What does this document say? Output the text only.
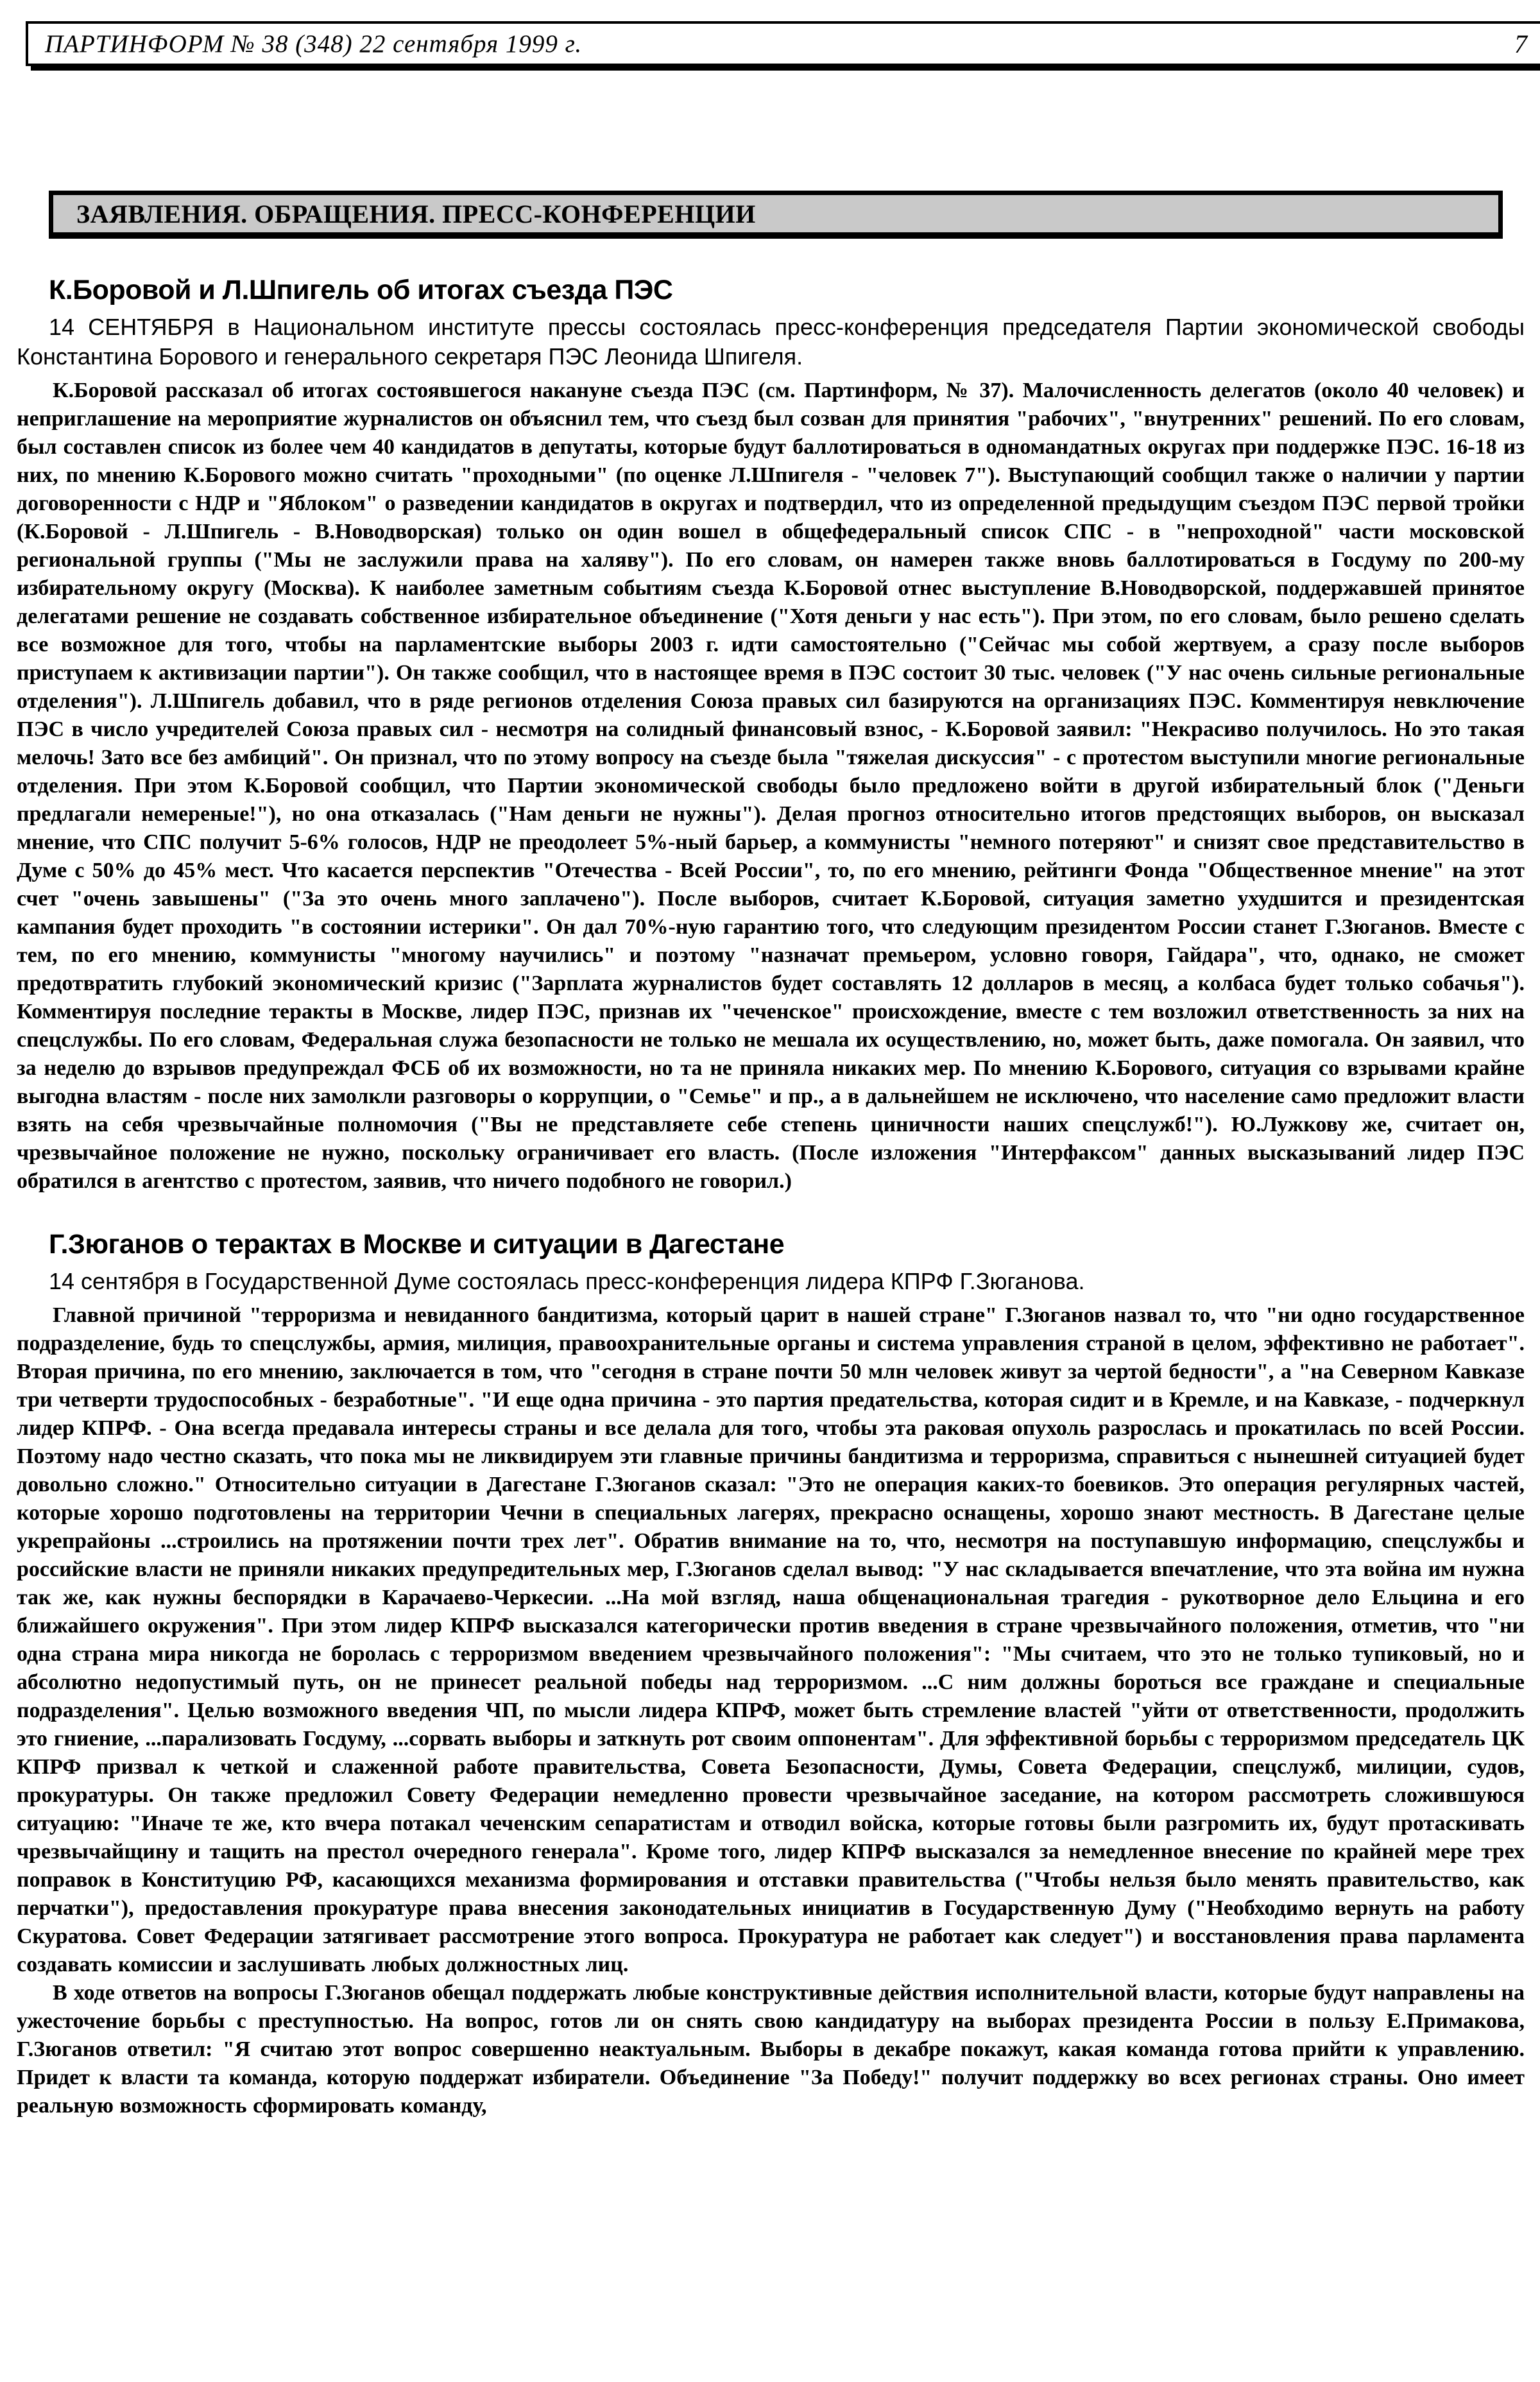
ПАРТИНФОРМ № 38 (348) 22 сентября 1999 г.	7
ЗАЯВЛЕНИЯ. ОБРАЩЕНИЯ. ПРЕСС-КОНФЕРЕНЦИИ
К.Боровой и Л.Шпигель об итогах съезда ПЭС

14 СЕНТЯБРЯ в Национальном институте прессы состоялась пресс-конференция председателя Партии экономической свободы Константина Борового и генерального секретаря ПЭС Леонида Шпигеля.

К.Боровой рассказал об итогах состоявшегося накануне съезда ПЭС (см. Партинформ, № 37). Малочисленность делегатов (около 40 человек) и неприглашение на мероприятие журналистов он объяснил тем, что съезд был созван для принятия "рабочих", "внутренних" решений. По его словам, был составлен список из более чем 40 кандидатов в депутаты, которые будут баллотироваться в одномандатных округах при поддержке ПЭС. 16-18 из них, по мнению К.Борового можно считать "проходными" (по оценке Л.Шпигеля - "человек 7"). Выступающий сообщил также о наличии у партии договоренности с НДР и "Яблоком" о разведении кандидатов в округах и подтвердил, что из определенной предыдущим съездом ПЭС первой тройки (К.Боровой - Л.Шпигель - В.Новодворская) только он один вошел в общефедеральный список СПС - в "непроходной" части московской региональной группы ("Мы не заслужили права на халяву"). По его словам, он намерен также вновь баллотироваться в Госдуму по 200-му избирательному округу (Москва). К наиболее заметным событиям съезда К.Боровой отнес выступление В.Новодворской, поддержавшей принятое делегатами решение не создавать собственное избирательное объединение ("Хотя деньги у нас есть"). При этом, по его словам, было решено сделать все возможное для того, чтобы на парламентские выборы 2003 г. идти самостоятельно ("Сейчас мы собой жертвуем, а сразу после выборов приступаем к активизации партии"). Он также сообщил, что в настоящее время в ПЭС состоит 30 тыс. человек ("У нас очень сильные региональные отделения"). Л.Шпигель добавил, что в ряде регионов отделения Союза правых сил базируются на организациях ПЭС. Комментируя невключение ПЭС в число учредителей Союза правых сил - несмотря на солидный финансовый взнос, - К.Боровой заявил: "Некрасиво получилось. Но это такая мелочь! Зато все без амбиций". Он признал, что по этому вопросу на съезде была "тяжелая дискуссия" - с протестом выступили многие региональные отделения. При этом К.Боровой сообщил, что Партии экономической свободы было предложено войти в другой избирательный блок ("Деньги предлагали немереные!"), но она отказалась ("Нам деньги не нужны"). Делая прогноз относительно итогов предстоящих выборов, он высказал мнение, что СПС получит 5-6% голосов, НДР не преодолеет 5%-ный барьер, а коммунисты "немного потеряют" и снизят свое представительство в Думе с 50% до 45% мест. Что касается перспектив "Отечества - Всей России", то, по его мнению, рейтинги Фонда "Общественное мнение" на этот счет "очень завышены" ("За это очень много заплачено"). После выборов, считает К.Боровой, ситуация заметно ухудшится и президентская кампания будет проходить "в состоянии истерики". Он дал 70%-ную гарантию того, что следующим президентом России станет Г.Зюганов. Вместе с тем, по его мнению, коммунисты "многому научились" и поэтому "назначат премьером, условно говоря, Гайдара", что, однако, не сможет предотвратить глубокий экономический кризис ("Зарплата журналистов будет составлять 12 долларов в месяц, а колбаса будет только собачья"). Комментируя последние теракты в Москве, лидер ПЭС, признав их "чеченское" происхождение, вместе с тем возложил ответственность за них на спецслужбы. По его словам, Федеральная служа безопасности не только не мешала их осуществлению, но, может быть, даже помогала. Он заявил, что за неделю до взрывов предупреждал ФСБ об их возможности, но та не приняла никаких мер. По мнению К.Борового, ситуация со взрывами крайне выгодна властям - после них замолкли разговоры о коррупции, о "Семье" и пр., а в дальнейшем не исключено, что население само предложит власти взять на себя чрезвычайные полномочия ("Вы не представляете себе степень циничности наших спецслужб!"). Ю.Лужкову же, считает он, чрезвычайное положение не нужно, поскольку ограничивает его власть. (После изложения "Интерфаксом" данных высказываний лидер ПЭС обратился в агентство с протестом, заявив, что ничего подобного не говорил.)

Г.Зюганов о терактах в Москве и ситуации в Дагестане

14 сентября в Государственной Думе состоялась пресс-конференция лидера КПРФ Г.Зюганова.

Главной причиной "терроризма и невиданного бандитизма, который царит в нашей стране" Г.Зюганов назвал то, что "ни одно государственное подразделение, будь то спецслужбы, армия, милиция, правоохранительные органы и система управления страной в целом, эффективно не работает". Вторая причина, по его мнению, заключается в том, что "сегодня в стране почти 50 млн человек живут за чертой бедности", а "на Северном Кавказе три четверти трудоспособных - безработные". "И еще одна причина - это партия предательства, которая сидит и в Кремле, и на Кавказе, - подчеркнул лидер КПРФ. - Она всегда предавала интересы страны и все делала для того, чтобы эта раковая опухоль разрослась и прокатилась по всей России. Поэтому надо честно сказать, что пока мы не ликвидируем эти главные причины бандитизма и терроризма, справиться с нынешней ситуацией будет довольно сложно." Относительно ситуации в Дагестане Г.Зюганов сказал: "Это не операция каких-то боевиков. Это операция регулярных частей, которые хорошо подготовлены на территории Чечни в специальных лагерях, прекрасно оснащены, хорошо знают местность. В Дагестане целые укрепрайоны ...строились на протяжении почти трех лет". Обратив внимание на то, что, несмотря на поступавшую информацию, спецслужбы и российские власти не приняли никаких предупредительных мер, Г.Зюганов сделал вывод: "У нас складывается впечатление, что эта война им нужна так же, как нужны беспорядки в Карачаево-Черкесии. ...На мой взгляд, наша общенациональная трагедия - рукотворное дело Ельцина и его ближайшего окружения". При этом лидер КПРФ высказался категорически против введения в стране чрезвычайного положения, отметив, что "ни одна страна мира никогда не боролась с терроризмом введением чрезвычайного положения": "Мы считаем, что это не только тупиковый, но и абсолютно недопустимый путь, он не принесет реальной победы над терроризмом. ...С ним должны бороться все граждане и специальные подразделения". Целью возможного введения ЧП, по мысли лидера КПРФ, может быть стремление властей "уйти от ответственности, продолжить это гниение, ...парализовать Госдуму, ...сорвать выборы и заткнуть рот своим оппонентам". Для эффективной борьбы с терроризмом председатель ЦК КПРФ призвал к четкой и слаженной работе правительства, Совета Безопасности, Думы, Совета Федерации, спецслужб, милиции, судов, прокуратуры. Он также предложил Совету Федерации немедленно провести чрезвычайное заседание, на котором рассмотреть сложившуюся ситуацию: "Иначе те же, кто вчера потакал чеченским сепаратистам и отводил войска, которые готовы были разгромить их, будут протаскивать чрезвычайщину и тащить на престол очередного генерала". Кроме того, лидер КПРФ высказался за немедленное внесение по крайней мере трех поправок в Конституцию РФ, касающихся механизма формирования и отставки правительства ("Чтобы нельзя было менять правительство, как перчатки"), предоставления прокуратуре права внесения законодательных инициатив в Государственную Думу ("Необходимо вернуть на работу Скуратова. Совет Федерации затягивает рассмотрение этого вопроса. Прокуратура не работает как следует") и восстановления права парламента создавать комиссии и заслушивать любых должностных лиц.

В ходе ответов на вопросы Г.Зюганов обещал поддержать любые конструктивные действия исполнительной власти, которые будут направлены на ужесточение борьбы с преступностью. На вопрос, готов ли он снять свою кандидатуру на выборах президента России в пользу Е.Примакова, Г.Зюганов ответил: "Я считаю этот вопрос совершенно неактуальным. Выборы в декабре покажут, какая команда готова прийти к управлению. Придет к власти та команда, которую поддержат избиратели. Объединение "За Победу!" получит поддержку во всех регионах страны. Оно имеет реальную возможность сформировать команду,
